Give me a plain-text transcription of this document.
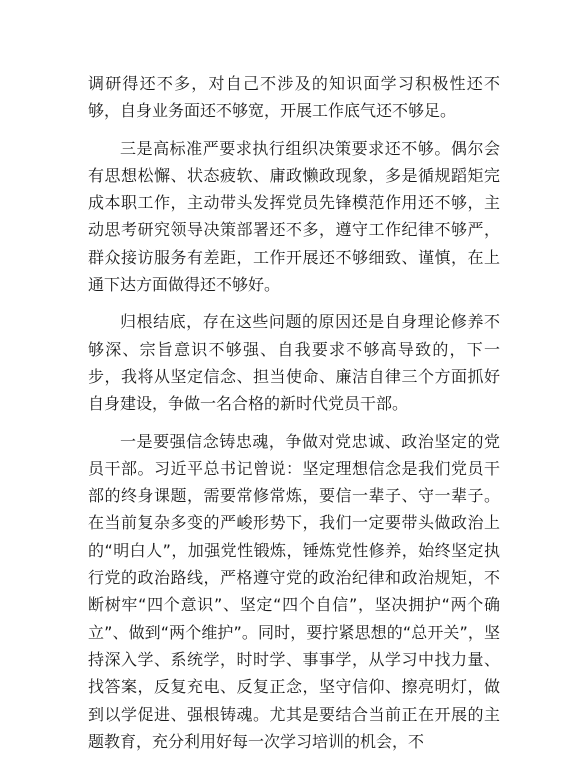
调研得还不多，对自己不涉及的知识面学习积极性还不够，自身业务面还不够宽，开展工作底气还不够足。

三是高标准严要求执行组织决策要求还不够。偶尔会有思想松懈、状态疲软、庸政懒政现象，多是循规蹈矩完成本职工作，主动带头发挥党员先锋模范作用还不够，主动思考研究领导决策部署还不多，遵守工作纪律不够严，群众接访服务有差距，工作开展还不够细致、谨慎，在上通下达方面做得还不够好。

归根结底，存在这些问题的原因还是自身理论修养不够深、宗旨意识不够强、自我要求不够高导致的，下一步，我将从坚定信念、担当使命、廉洁自律三个方面抓好自身建设，争做一名合格的新时代党员干部。

一是要强信念铸忠魂，争做对党忠诚、政治坚定的党员干部。习近平总书记曾说：坚定理想信念是我们党员干部的终身课题，需要常修常炼，要信一辈子、守一辈子。在当前复杂多变的严峻形势下，我们一定要带头做政治上的“明白人”，加强党性锻炼，锤炼党性修养，始终坚定执行党的政治路线，严格遵守党的政治纪律和政治规矩，不断树牢“四个意识”、坚定“四个自信”，坚决拥护“两个确立”、做到“两个维护”。同时，要拧紧思想的“总开关”，坚持深入学、系统学，时时学、事事学，从学习中找力量、找答案，反复充电、反复正念，坚守信仰、擦亮明灯，做到以学促进、强根铸魂。尤其是要结合当前正在开展的主题教育，充分利用好每一次学习培训的机会，不
